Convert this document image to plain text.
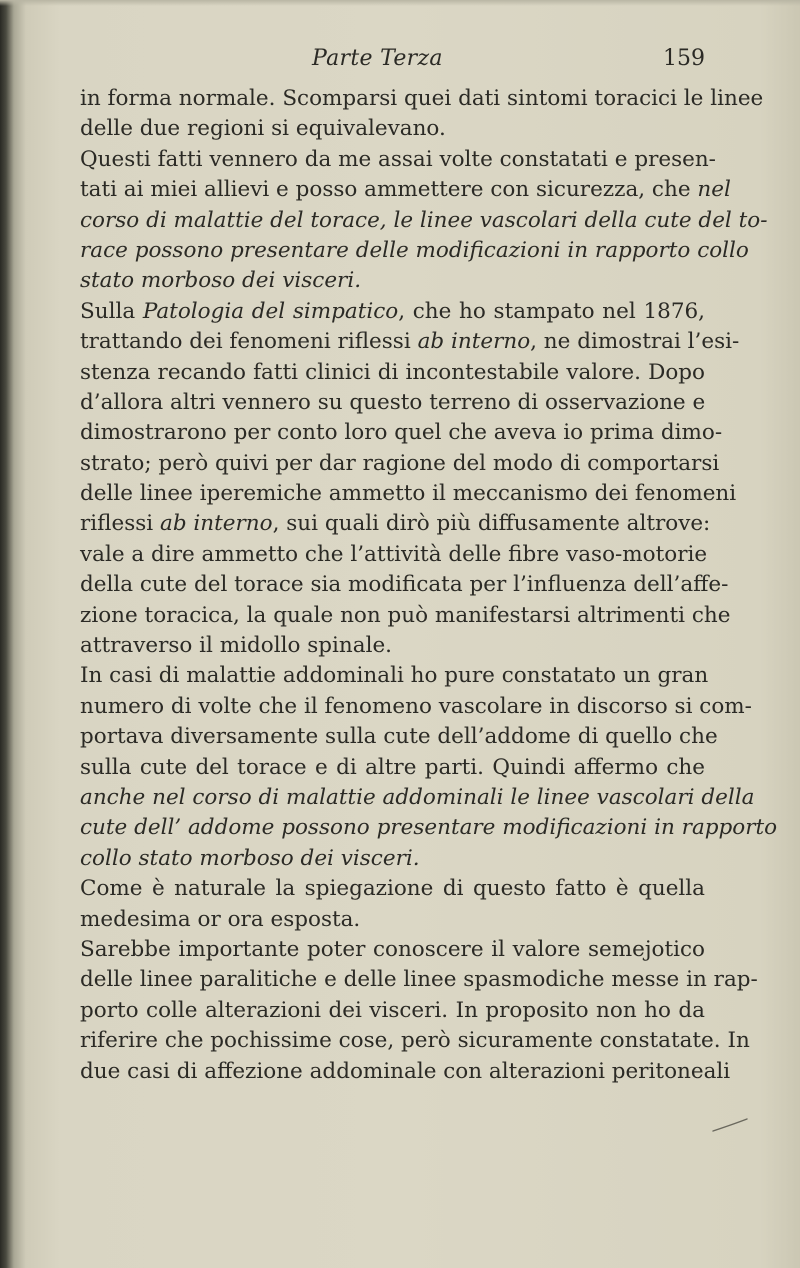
Parte Terza	159
in forma normale. Scomparsi quei dati sintomi toracici le linee
delle due regioni si equivalevano.
Questi fatti vennero da me assai volte constatati e presen-
tati ai miei allievi e posso ammettere con sicurezza, che nel
corso di malattie del torace, le linee vascolari della cute del to-
race possono presentare delle modificazioni in rapporto collo
stato morboso dei visceri.
Sulla Patologia del simpatico, che ho stampato nel 1876,
trattando dei fenomeni riflessi ab interno, ne dimostrai l’esi-
stenza recando fatti clinici di incontestabile valore. Dopo
d’allora altri vennero su questo terreno di osservazione e
dimostrarono per conto loro quel che aveva io prima dimo-
strato; però quivi per dar ragione del modo di comportarsi
delle linee iperemiche ammetto il meccanismo dei fenomeni
riflessi ab interno, sui quali dirò più diffusamente altrove:
vale a dire ammetto che l’attività delle fibre vaso-motorie
della cute del torace sia modificata per l’influenza dell’affe-
zione toracica, la quale non può manifestarsi altrimenti che
attraverso il midollo spinale.
In casi di malattie addominali ho pure constatato un gran
numero di volte che il fenomeno vascolare in discorso si com-
portava diversamente sulla cute dell’addome di quello che
sulla cute del torace e di altre parti. Quindi affermo che
anche nel corso di malattie addominali le linee vascolari della
cute dell’ addome possono presentare modificazioni in rapporto
collo stato morboso dei visceri.
Come è naturale la spiegazione di questo fatto è quella
medesima or ora esposta.
Sarebbe importante poter conoscere il valore semejotico
delle linee paralitiche e delle linee spasmodiche messe in rap-
porto colle alterazioni dei visceri. In proposito non ho da
riferire che pochissime cose, però sicuramente constatate. In
due casi di affezione addominale con alterazioni peritoneali
